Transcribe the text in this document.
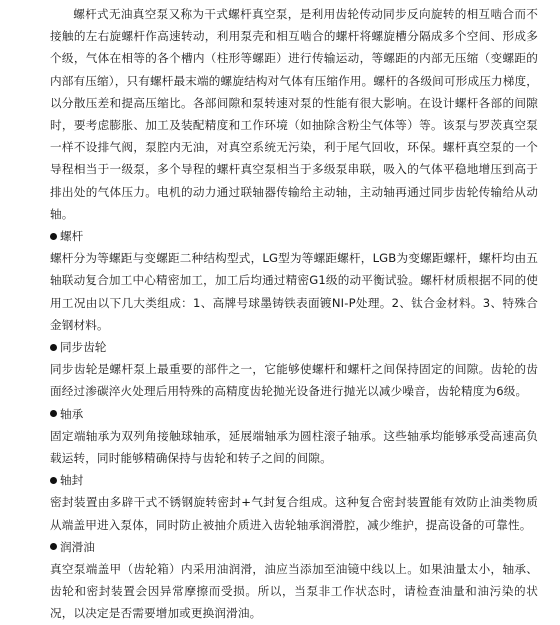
螺杆式无油真空泵又称为干式螺杆真空泵，是利用齿轮传动同步反向旋转的相互啮合而不接触的左右旋螺杆作高速转动，利用泵壳和相互啮合的螺杆将螺旋槽分隔成多个空间、形成多个级，气体在相等的各个槽内（柱形等螺距）进行传输运动，等螺距的内部无压缩（变螺距的内部有压缩），只有螺杆最末端的螺旋结构对气体有压缩作用。螺杆的各级间可形成压力梯度，以分散压差和提高压缩比。各部间隙和泵转速对泵的性能有很大影响。在设计螺杆各部的间隙时，要考虑膨胀、加工及装配精度和工作环境（如抽除含粉尘气体等）等。该泵与罗茨真空泵一样不设排气阀，泵腔内无油，对真空系统无污染，利于尾气回收，环保。螺杆真空泵的一个导程相当于一级泵，多个导程的螺杆真空泵相当于多级泵串联，吸入的气体平稳地增压到高于排出处的气体压力。电机的动力通过联轴器传输给主动轴，主动轴再通过同步齿轮传输给从动轴。

螺杆

螺杆分为等螺距与变螺距二种结构型式，LG型为等螺距螺杆，LGB为变螺距螺杆，螺杆均由五轴联动复合加工中心精密加工，加工后均通过精密G1级的动平衡试验。螺杆材质根据不同的使用工况由以下几大类组成：1、高牌号球墨铸铁表面镀NI-P处理。2、钛合金材料。3、特殊合金钢材料。

同步齿轮

同步齿轮是螺杆泵上最重要的部件之一，它能够使螺杆和螺杆之间保持固定的间隙。齿轮的齿面经过渗碳淬火处理后用特殊的高精度齿轮抛光设备进行抛光以减少噪音，齿轮精度为6级。

轴承

固定端轴承为双列角接触球轴承，延展端轴承为圆柱滚子轴承。这些轴承均能够承受高速高负载运转，同时能够精确保持与齿轮和转子之间的间隙。

轴封

密封装置由多辟干式不锈钢旋转密封+气封复合组成。这种复合密封装置能有效防止油类物质从端盖甲进入泵体，同时防止被抽介质进入齿轮轴承润滑腔，减少维护，提高设备的可靠性。

润滑油

真空泵端盖甲（齿轮箱）内采用油润滑，油应当添加至油镜中线以上。如果油量太小，轴承、齿轮和密封装置会因异常摩擦而受损。所以，当泵非工作状态时，请检查油量和油污染的状况，以决定是否需要增加或更换润滑油。
